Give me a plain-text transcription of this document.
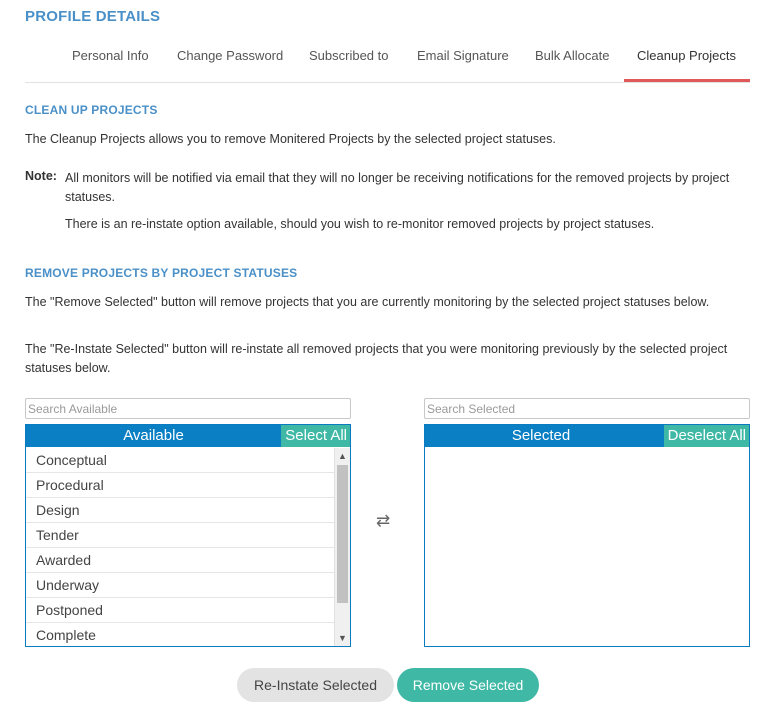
PROFILE DETAILS
Personal Info Change Password Subscribed to Email Signature Bulk Allocate Cleanup Projects
CLEAN UP PROJECTS
The Cleanup Projects allows you to remove Monitered Projects by the selected project statuses.
Note: All monitors will be notified via email that they will no longer be receiving notifications for the removed projects by project statuses.
There is an re-instate option available, should you wish to re-monitor removed projects by project statuses.
REMOVE PROJECTS BY PROJECT STATUSES
The "Remove Selected" button will remove projects that you are currently monitoring by the selected project statuses below.
The "Re-Instate Selected" button will re-instate all removed projects that you were monitoring previously by the selected project statuses below.
Search Available
Search Selected
Available	Select All
Conceptual
Procedural
Design
Tender
Awarded
Underway
Postponed
Complete
▲
▼
⇄
Selected	Deselect All
Re-Instate Selected	Remove Selected
